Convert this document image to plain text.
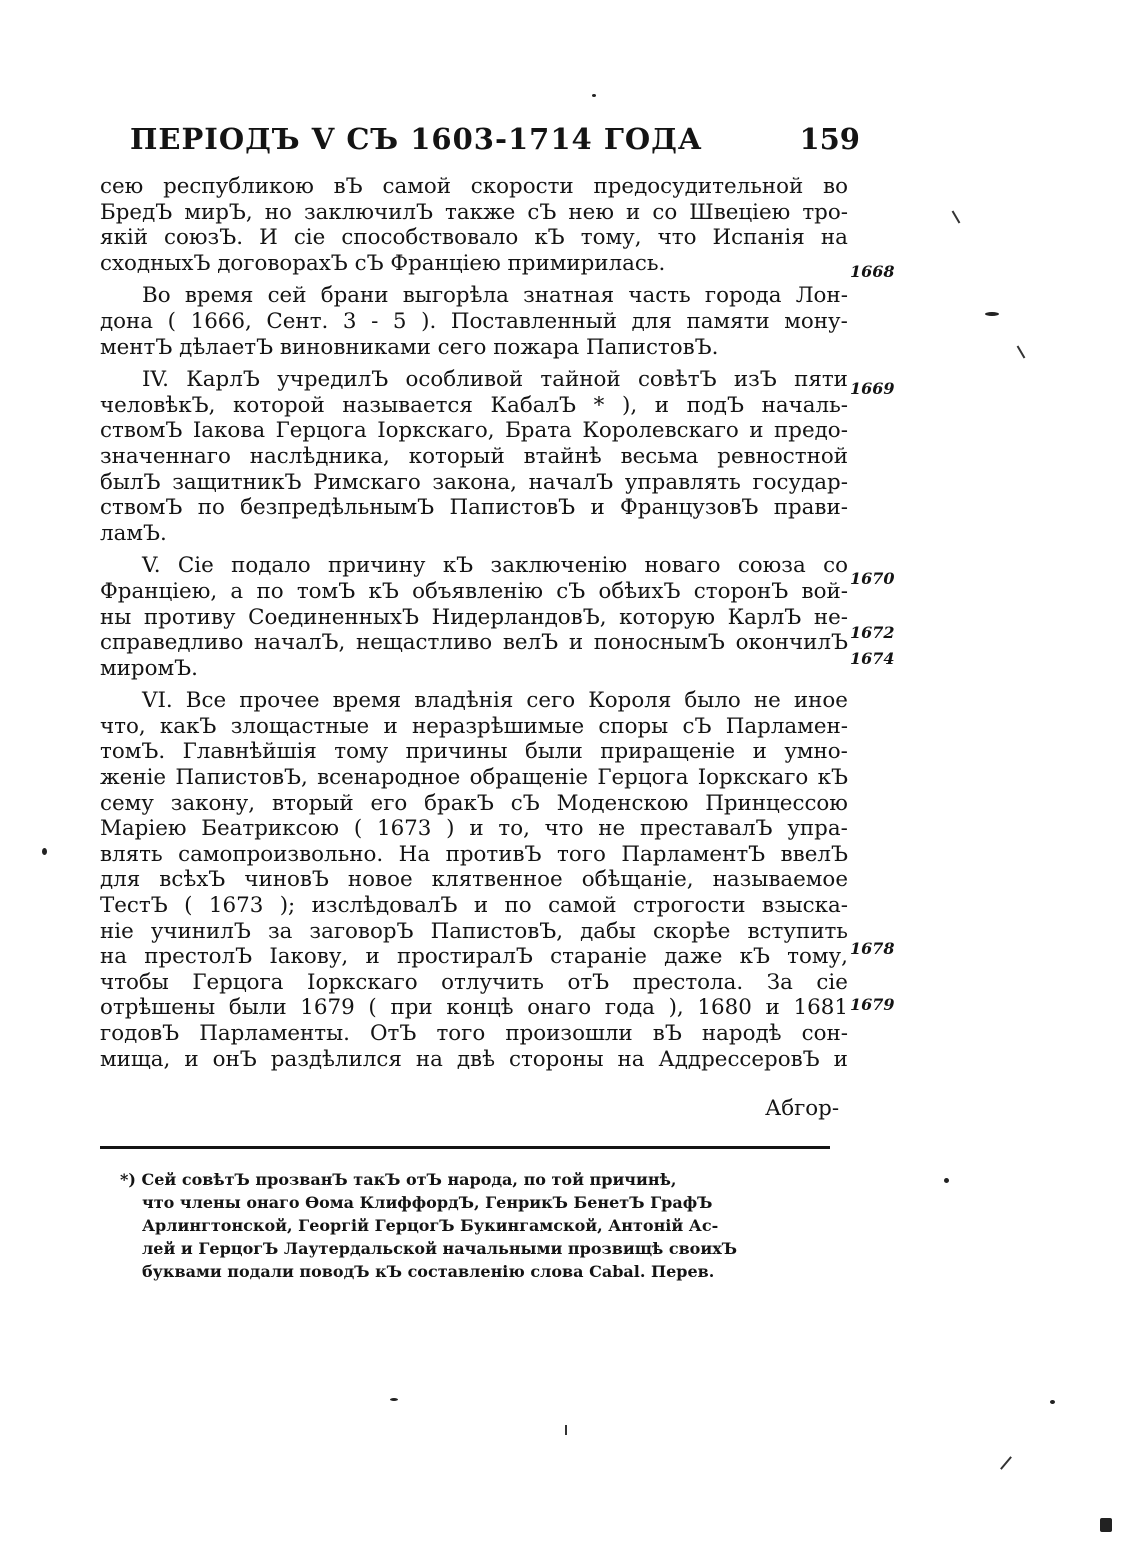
ПЕРІОДЪ V СЪ 1603-1714 ГОДА	159
сею республикою вЪ самой скорости предосудительной во
БредЪ мирЪ, но заключилЪ также сЪ нею и со Швеціею тро-
якій союзЪ. И сіе способствовало кЪ тому, что Испанія на
сходныхЪ договорахЪ сЪ Франціею примирилась.
Во время сей брани выгорѣла знатная часть города Лон-
дона ( 1666, Сент. 3 - 5 ). Поставленный для памяти мону-
ментЪ дѣлаетЪ виновниками сего пожара ПапистовЪ.
IV. КарлЪ учредилЪ особливой тайной совѣтЪ изЪ пяти
человѣкЪ, которой называется КабалЪ * ), и подЪ началь-
ствомЪ Іакова Герцога Іоркскаго, Брата Королевскаго и предо-
значеннаго наслѣдника, который втайнѣ весьма ревностной
былЪ защитникЪ Римскаго закона, началЪ управлять государ-
ствомЪ по безпредѣльнымЪ ПапистовЪ и ФранцузовЪ прави-
ламЪ.
V. Сіе подало причину кЪ заключенію новаго союза со
Франціею, а по томЪ кЪ объявленію сЪ обѣихЪ сторонЪ вой-
ны противу СоединенныхЪ НидерландовЪ, которую КарлЪ не-
справедливо началЪ, нещастливо велЪ и поноснымЪ окончилЪ
миромЪ.
VI. Все прочее время владѣнія сего Короля было не иное
что, какЪ злощастные и неразрѣшимые споры сЪ Парламен-
томЪ. Главнѣйшія тому причины были приращеніе и умно-
женіе ПапистовЪ, всенародное обращеніе Герцога Іоркскаго кЪ
сему закону, вторый его бракЪ сЪ Моденскою Принцессою
Маріею Беатриксою ( 1673 ) и то, что не преставалЪ упра-
влять самопроизвольно. На противЪ того ПарламентЪ ввелЪ
для всѣхЪ чиновЪ новое клятвенное обѣщаніе, называемое
ТестЪ ( 1673 ); изслѣдовалЪ и по самой строгости взыска-
ніе учинилЪ за заговорЪ ПапистовЪ, дабы скорѣе вступить
на престолЪ Іакову, и простиралЪ стараніе даже кЪ тому,
чтобы Герцога Іоркскаго отлучить отЪ престола. За сіе
отрѣшены были 1679 ( при концѣ онаго года ), 1680 и 1681
годовЪ Парламенты. ОтЪ того произошли вЪ народѣ сон-
мища, и онЪ раздѣлился на двѣ стороны на АддрессеровЪ и
1668
1669
1670
1672
1674
1678
1679
Абгор-
*) Сей совѣтЪ прозванЪ такЪ отЪ народа, по той причинѣ,
что члены онаго Ѳома КлиффордЪ, ГенрикЪ БенетЪ ГрафЪ
Арлингтонской, Георгій ГерцогЪ Букингамской, Антоній Ас-
лей и ГерцогЪ Лаутердальской начальными прозвищѣ своихЪ
буквами подали поводЪ кЪ составленію слова Cabal. Перев.
